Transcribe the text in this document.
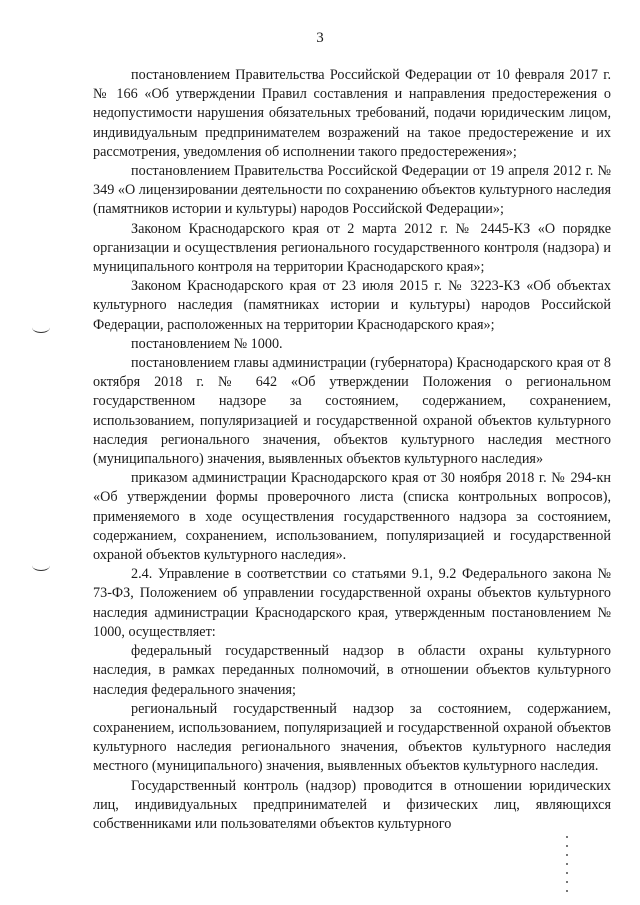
3

постановлением Правительства Российской Федерации от 10 февраля 2017 г. № 166 «Об утверждении Правил составления и направления предостережения о недопустимости нарушения обязательных требований, подачи юридическим лицом, индивидуальным предпринимателем возражений на такое предостережение и их рассмотрения, уведомления об исполнении такого предостережения»;

постановлением Правительства Российской Федерации от 19 апреля 2012 г. № 349 «О лицензировании деятельности по сохранению объектов культурного наследия (памятников истории и культуры) народов Российской Федерации»;

Законом Краснодарского края от 2 марта 2012 г. № 2445-КЗ «О порядке организации и осуществления регионального государственного контроля (надзора) и муниципального контроля на территории Краснодарского края»;

Законом Краснодарского края от 23 июля 2015 г. № 3223-КЗ «Об объектах культурного наследия (памятниках истории и культуры) народов Российской Федерации, расположенных на территории Краснодарского края»;

постановлением № 1000.

постановлением главы администрации (губернатора) Краснодарского края от 8 октября 2018 г. № 642 «Об утверждении Положения о региональном государственном надзоре за состоянием, содержанием, сохранением, использованием, популяризацией и государственной охраной объектов культурного наследия регионального значения, объектов культурного наследия местного (муниципального) значения, выявленных объектов культурного наследия»

приказом администрации Краснодарского края от 30 ноября 2018 г. № 294-кн «Об утверждении формы проверочного листа (списка контрольных вопросов), применяемого в ходе осуществления государственного надзора за состоянием, содержанием, сохранением, использованием, популяризацией и государственной охраной объектов культурного наследия».

2.4. Управление в соответствии со статьями 9.1, 9.2 Федерального закона № 73-ФЗ, Положением об управлении государственной охраны объектов культурного наследия администрации Краснодарского края, утвержденным постановлением № 1000, осуществляет:

федеральный государственный надзор в области охраны культурного наследия, в рамках переданных полномочий, в отношении объектов культурного наследия федерального значения;

региональный государственный надзор за состоянием, содержанием, сохранением, использованием, популяризацией и государственной охраной объектов культурного наследия регионального значения, объектов культурного наследия местного (муниципального) значения, выявленных объектов культурного наследия.

Государственный контроль (надзор) проводится в отношении юридических лиц, индивидуальных предпринимателей и физических лиц, являющихся собственниками или пользователями объектов культурного
